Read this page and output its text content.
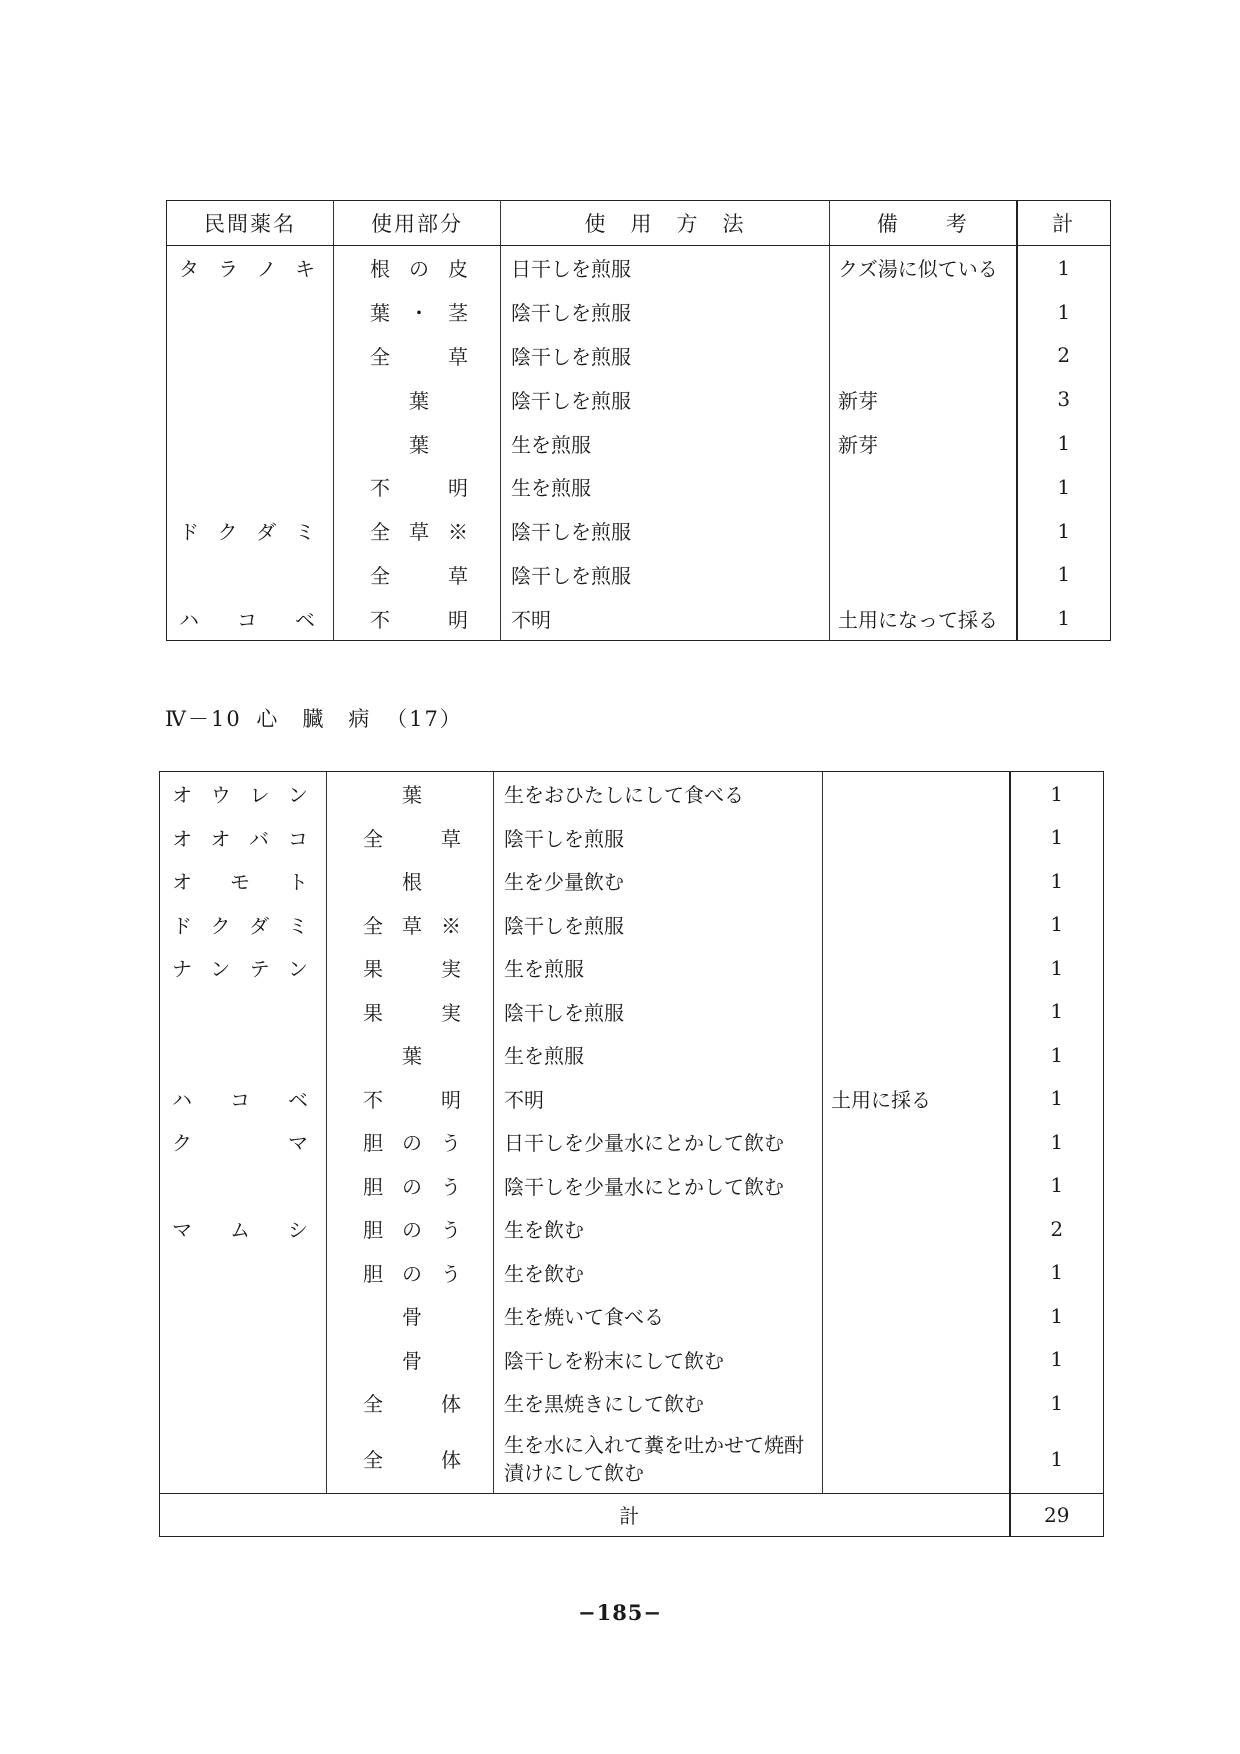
民間薬名	使用部分	使　用　方　法	備　　考	計
タラノキ	根の皮	日干しを煎服	クズ湯に似ている	1
	葉・茎	陰干しを煎服		1
	全草	陰干しを煎服		2
	葉	陰干しを煎服	新芽	3
	葉	生を煎服	新芽	1
	不明	生を煎服		1
ドクダミ	全草※	陰干しを煎服		1
	全草	陰干しを煎服		1
ハコベ	不明	不明	土用になって採る	1
Ⅳ－10 心　臓　病 （17）
オウレン	葉	生をおひたしにして食べる		1
オオバコ	全草	陰干しを煎服		1
オモト	根	生を少量飲む		1
ドクダミ	全草※	陰干しを煎服		1
ナンテン	果実	生を煎服		1
	果実	陰干しを煎服		1
	葉	生を煎服		1
ハコベ	不明	不明	土用に採る	1
クマ	胆のう	日干しを少量水にとかして飲む		1
	胆のう	陰干しを少量水にとかして飲む		1
マムシ	胆のう	生を飲む		2
	胆のう	生を飲む		1
	骨	生を焼いて食べる		1
	骨	陰干しを粉末にして飲む		1
	全体	生を黒焼きにして飲む		1
	全体	生を水に入れて糞を吐かせて焼酎漬けにして飲む		1
計				29
−185−
